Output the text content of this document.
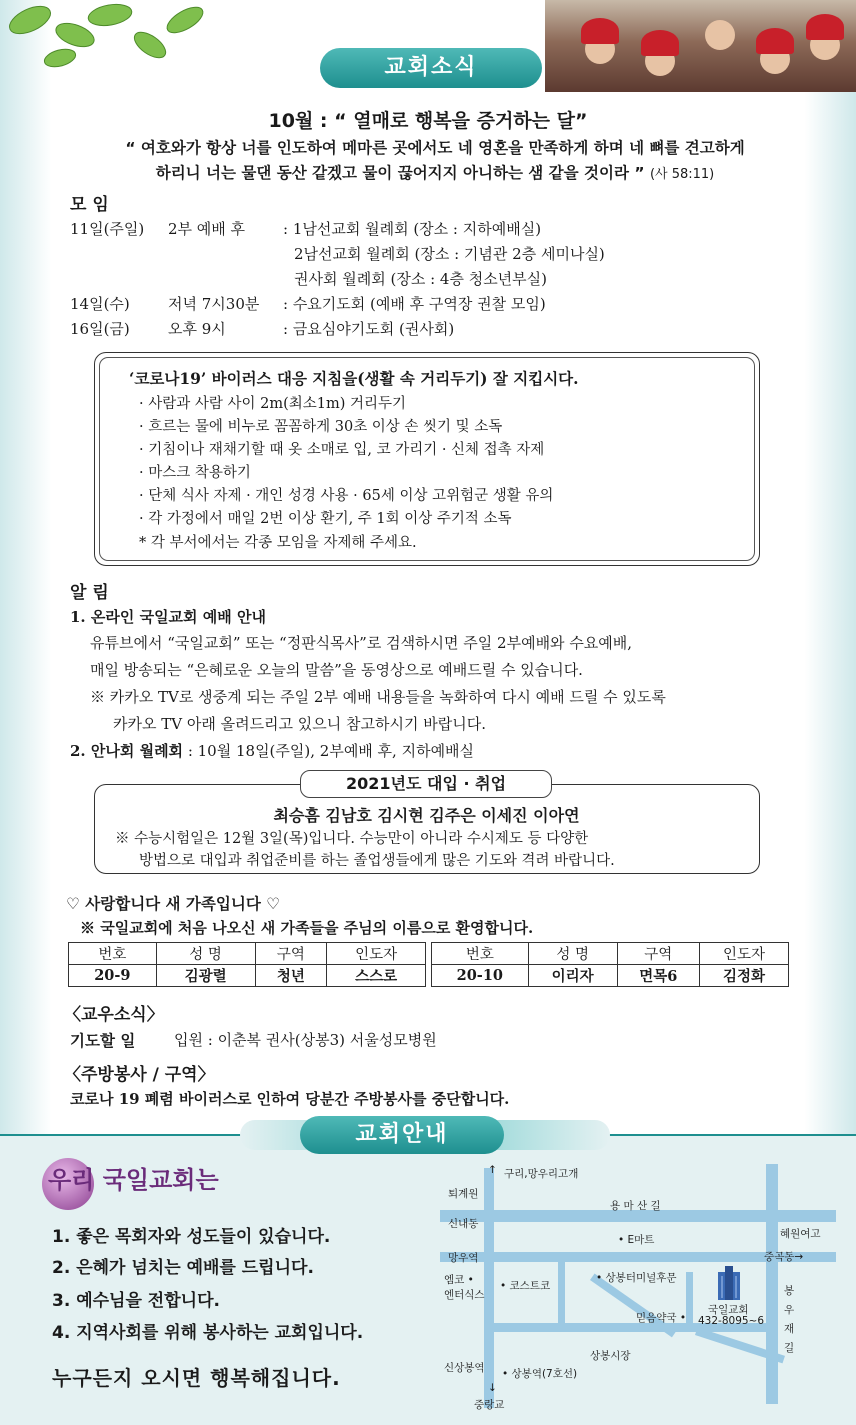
교회소식
10월 : “ 열매로 행복을 증거하는 달”
“ 여호와가 항상 너를 인도하여 메마른 곳에서도 네 영혼을 만족하게 하며 네 뼈를 견고하게
하리니 너는 물댄 동산 같겠고 물이 끊어지지 아니하는 샘 같을 것이라 ” (사 58:11)
모 임
11일(주일) 2부 예배 후	: 1남선교회 월례회 (장소 : 지하예배실)
2남선교회 월례회 (장소 : 기념관 2층 세미나실)
권사회 월례회 (장소 : 4층 청소년부실)
14일(수)	저녁 7시30분 : 수요기도회 (예배 후 구역장 권찰 모임)
16일(금)	오후 9시	: 금요심야기도회 (권사회)
‘코로나19’ 바이러스 대응 지침을(생활 속 거리두기) 잘 지킵시다.
· 사람과 사람 사이 2m(최소1m) 거리두기
· 흐르는 물에 비누로 꼼꼼하게 30초 이상 손 씻기 및 소독
· 기침이나 재채기할 때 옷 소매로 입, 코 가리기 · 신체 접촉 자제
· 마스크 착용하기
· 단체 식사 자제 · 개인 성경 사용 · 65세 이상 고위험군 생활 유의
· 각 가정에서 매일 2번 이상 환기, 주 1회 이상 주기적 소독
* 각 부서에서는 각종 모임을 자제해 주세요.
알 림
1. 온라인 국일교회 예배 안내
유튜브에서 “국일교회” 또는 “정판식목사”로 검색하시면 주일 2부예배와 수요예배,
매일 방송되는 “은혜로운 오늘의 말씀”을 동영상으로 예배드릴 수 있습니다.
※ 카카오 TV로 생중계 되는 주일 2부 예배 내용들을 녹화하여 다시 예배 드릴 수 있도록
카카오 TV 아래 올려드리고 있으니 참고하시기 바랍니다.
2. 안나회 월례회 : 10월 18일(주일), 2부예배 후, 지하예배실
최승흠 김남호 김시현 김주은 이세진 이아연
※ 수능시험일은 12월 3일(목)입니다. 수능만이 아니라 수시제도 등 다양한
방법으로 대입과 취업준비를 하는 졸업생들에게 많은 기도와 격려 바랍니다.
2021년도 대입 · 취업
♡ 사랑합니다 새 가족입니다 ♡
※ 국일교회에 처음 나오신 새 가족들을 주님의 이름으로 환영합니다.
번호	성 명	구역	인도자
20-9	김광렬	청년	스스로
번호	성 명	구역	인도자
20-10	이리자	면목6	김정화
〈교우소식〉
기도할 일	입원 : 이춘복 권사(상봉3) 서울성모병원
〈주방봉사 / 구역〉
코로나 19 폐렴 바이러스로 인하여 당분간 주방봉사를 중단합니다.
교회안내
우리 국일교회는
1. 좋은 목회자와 성도들이 있습니다.
2. 은혜가 넘치는 예배를 드립니다.
3. 예수님을 전합니다.
4. 지역사회를 위해 봉사하는 교회입니다.
누구든지 오시면 행복해집니다.
↑ 구리,망우리고개
퇴계원
용 마 산 길
신내동
혜원여고
• E마트
망우역	중곡동→
엠코 •
엔터식스
• 코스트코
• 상봉터미널후문
국일교회
432-8095~6
믿음약국 •
봉
우
재
길
상봉시장
신상봉역 • 상봉역(7호선)
↓
중랑교
